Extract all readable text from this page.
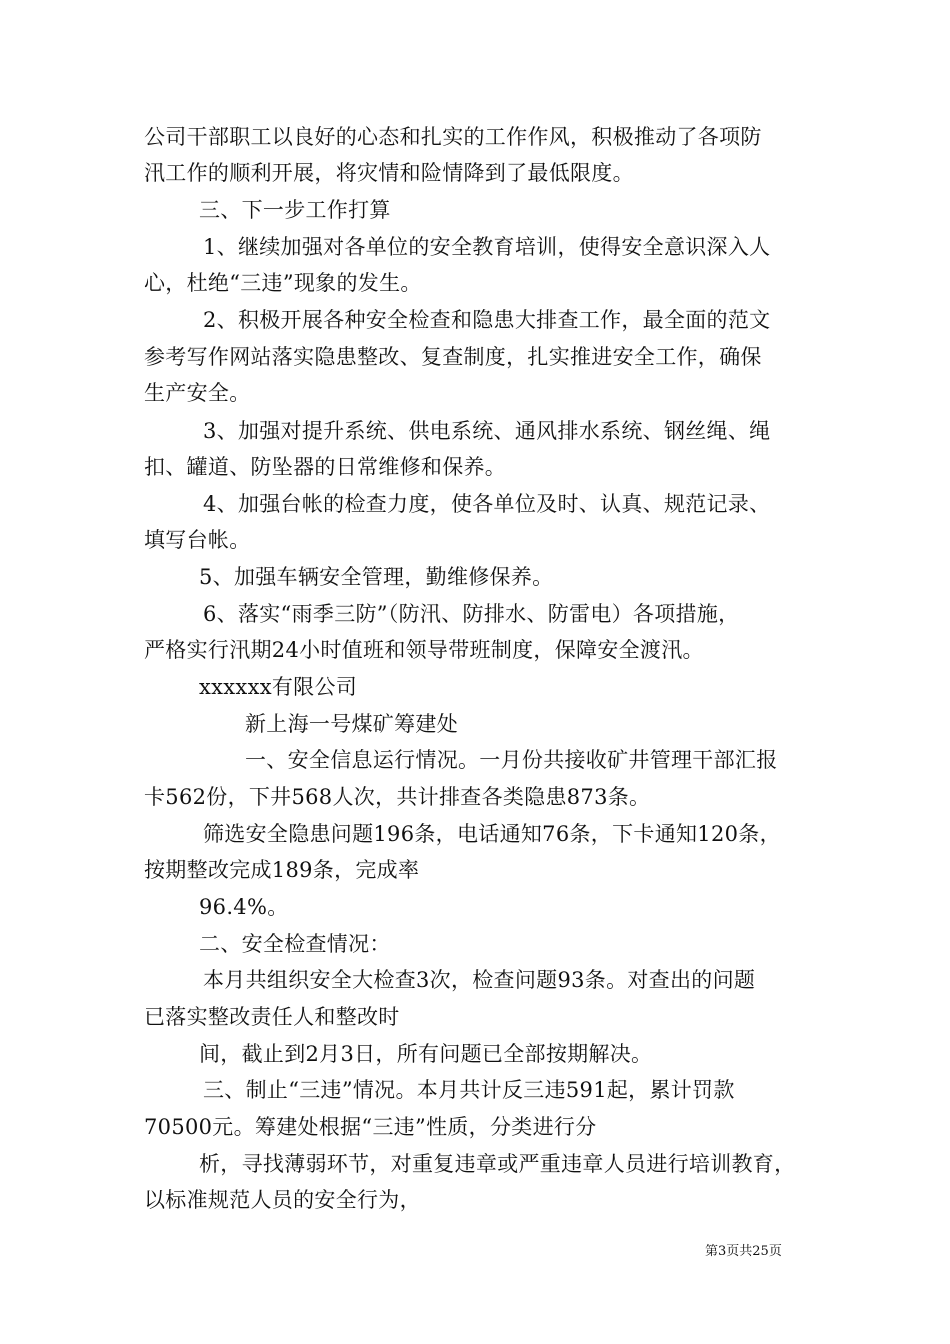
公司干部职工以良好的心态和扎实的工作作风，积极推动了各项防
汛工作的顺利开展，将灾情和险情降到了最低限度。
三、下一步工作打算
1、继续加强对各单位的安全教育培训，使得安全意识深入人
心，杜绝“三违”现象的发生。
2、积极开展各种安全检查和隐患大排查工作，最全面的范文
参考写作网站落实隐患整改、复查制度，扎实推进安全工作，确保
生产安全。
3、加强对提升系统、供电系统、通风排水系统、钢丝绳、绳
扣、罐道、防坠器的日常维修和保养。
4、加强台帐的检查力度，使各单位及时、认真、规范记录、
填写台帐。
5、加强车辆安全管理，勤维修保养。
6、落实“雨季三防”（防汛、防排水、防雷电）各项措施，
严格实行汛期24小时值班和领导带班制度，保障安全渡汛。
xxxxxx有限公司
新上海一号煤矿筹建处
一、安全信息运行情况。一月份共接收矿井管理干部汇报
卡562份，下井568人次，共计排查各类隐患873条。
筛选安全隐患问题196条，电话通知76条，下卡通知120条，
按期整改完成189条，完成率
96.4%。
二、安全检查情况：
本月共组织安全大检查3次，检查问题93条。对查出的问题
已落实整改责任人和整改时
间，截止到2月3日，所有问题已全部按期解决。
三、制止“三违”情况。本月共计反三违591起，累计罚款
70500元。筹建处根据“三违”性质，分类进行分
析，寻找薄弱环节，对重复违章或严重违章人员进行培训教育，
以标准规范人员的安全行为，
第3页共25页
